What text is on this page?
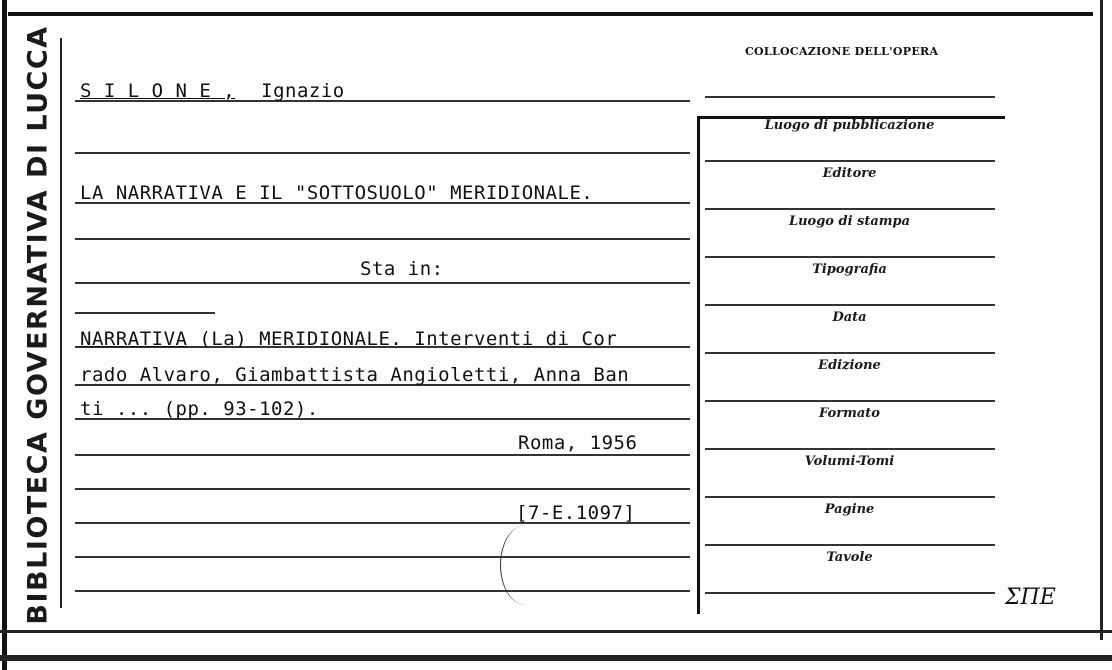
BIBLIOTECA GOVERNATIVA DI LUCCA S I L O N E , Ignazio
LA NARRATIVA E IL "SOTTOSUOLO" MERIDIONALE.
Sta in:
NARRATIVA (La) MERIDIONALE. Interventi di Cor
rado Alvaro, Giambattista Angioletti, Anna Ban
ti ... (pp. 93-102).
Roma, 1956
[7-E.1097]
COLLOCAZIONE DELL'OPERA
Luogo di pubblicazione
Editore
Luogo di stampa
Tipografia
Data
Edizione
Formato
Volumi-Tomi
Pagine
Tavole
ΣΠΕ
